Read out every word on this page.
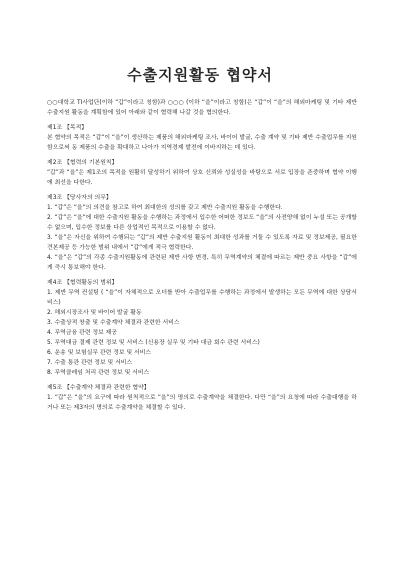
수출지원활동 협약서

○○대학교 TI사업단(이하 “갑”이라고 칭함)과 ○○○ (이하 “을”이라고 칭함)은 “갑”이 “을”의 해외마케팅 및 기타 제반 수출지원 활동을 계획함에 있어 아래와 같이 협력해 나갈 것을 협의한다.

제1조 【목적】

본 협약의 목적은 “갑”이 “을”이 생산하는 제품의 해외마케팅 조사, 바이어 발굴, 수출 계약 및 기타 제반 수출업무를 지원함으로써 동 제품의 수출을 확대하고 나아가 지역경제 발전에 이바지하는 데 있다.

제2조 【협력의 기본원칙】

“갑”과 “을”은 제1조의 목적을 원활히 달성하기 위하여 상호 신뢰와 성실성을 바탕으로 서로 입장을 존중하며 협약 이행에 최선을 다한다.

제3조 【당사자의 의무】

1. “갑”은 “을”의 의견을 참고로 하여 최대한의 성의를 갖고 제반 수출지원 활동을 수행한다.

2. “갑”은 “을”에 대한 수출지원 활동을 수행하는 과정에서 입수한 어떠한 정보도 “을”의 사전양해 없이 누설 또는 공개할 수 없으며, 입수한 정보를 다른 상업적인 목적으로 이용할 수 없다.

3. “을”은 자신을 위하여 수행되는 “갑”의 제반 수출지원 활동이 최대한 성과를 거둘 수 있도록 자료 및 정보제공, 필요한 견본제공 등 가능한 범위 내에서 “갑”에게 적극 협력한다.

4. “을”은 “갑”의 각종 수출지원활동에 관련된 제반 사항 변경, 특히 무역계약의 체결에 따르는 제반 중요 사항을 “갑”에게 즉시 통보해야 한다.

제4조 【협력활동의 범위】

1. 제반 무역 컨설팅 ( “을”이 자체적으로 오더를 받아 수출업무를 수행하는 과정에서 발생하는 모든 무역에 대한 상담서비스)

2. 해외시장조사 및 바이어 발굴 활동

3. 수출상적 창출 및 수출계약 체결과 관련한 서비스

4. 무역금융 관련 정보 제공

5. 무역대금 결제 관련 정보 및 서비스 (신용장 실무 및 기타 대금 회수 관련 서비스)

6. 운송 및 보험실무 관련 정보 및 서비스

7. 수출 통관 관련 정보 및 서비스

8. 무역클레임 처리 관련 정보 및 서비스

제5조 【수출계약 체결과 관련한 협약】

1. “갑”은 “을”의 요구에 따라 원칙적으로 “을”의 명의로 수출계약을 체결한다. 다만 “을”의 요청에 따라 수출대행을 하거나 또는 제3자의 명의로 수출계약을 체결할 수 있다.
